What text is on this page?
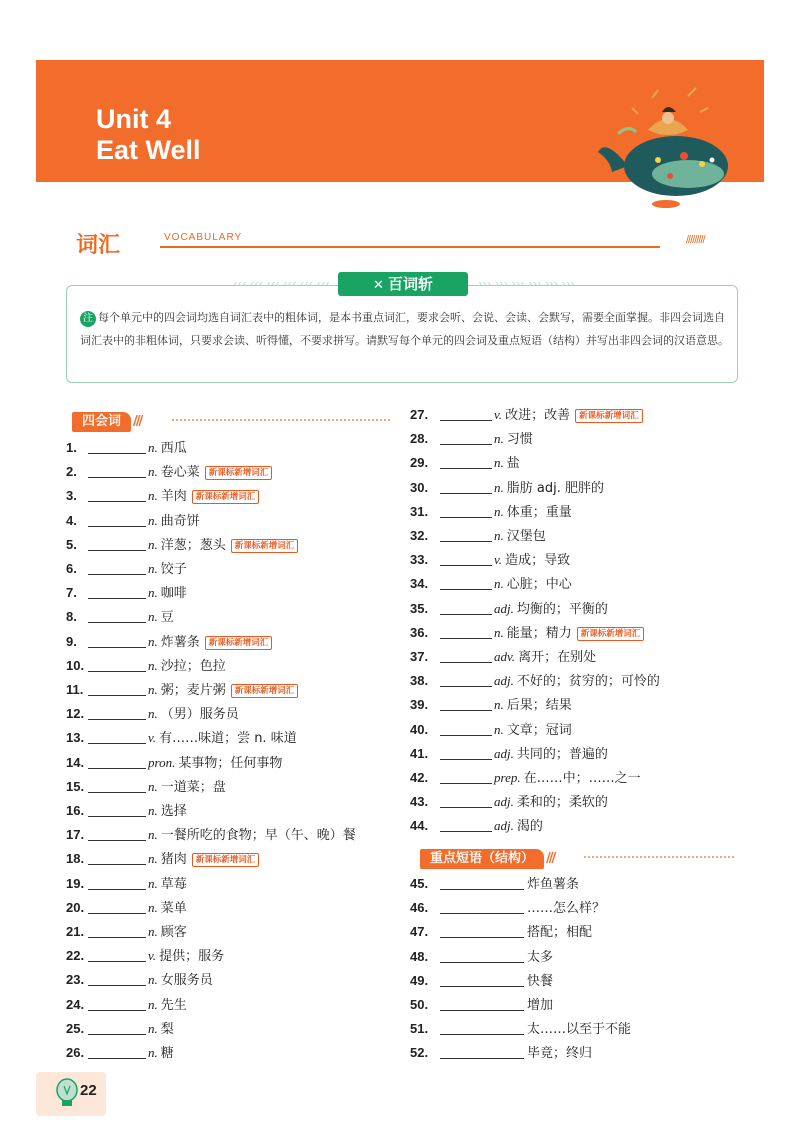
Unit 4
Eat Well
词汇	VOCABULARY	/////////
‹‹‹ ‹‹‹ ‹‹‹ ‹‹‹ ‹‹‹ ‹‹‹	››› ››› ››› ››› ››› ›››
✕ 百词斩
注 每个单元中的四会词均选自词汇表中的粗体词，是本书重点词汇，要求会听、会说、会读、会默写，需要全面掌握。非四会词选自词汇表中的非粗体词，只要求会读、听得懂，不要求拼写。请默写每个单元的四会词及重点短语（结构）并写出非四会词的汉语意思。
四会词 ///
1.	n. 西瓜
2.	n. 卷心菜 新课标新增词汇
3.	n. 羊肉 新课标新增词汇
4.	n. 曲奇饼
5.	n. 洋葱；葱头 新课标新增词汇
6.	n. 饺子
7.	n. 咖啡
8.	n. 豆
9.	n. 炸薯条 新课标新增词汇
10.	n. 沙拉；色拉
11.	n. 粥；麦片粥 新课标新增词汇
12.	n. （男）服务员
13.	v. 有……味道；尝 n. 味道
14.	pron. 某事物；任何事物
15.	n. 一道菜；盘
16.	n. 选择
17.	n. 一餐所吃的食物；早（午、晚）餐
18.	n. 猪肉 新课标新增词汇
19.	n. 草莓
20.	n. 菜单
21.	n. 顾客
22.	v. 提供；服务
23.	n. 女服务员
24.	n. 先生
25.	n. 梨
26.	n. 糖
27.	v. 改进；改善 新课标新增词汇
28.	n. 习惯
29.	n. 盐
30.	n. 脂肪 adj. 肥胖的
31.	n. 体重；重量
32.	n. 汉堡包
33.	v. 造成；导致
34.	n. 心脏；中心
35.	adj. 均衡的；平衡的
36.	n. 能量；精力 新课标新增词汇
37.	adv. 离开；在别处
38.	adj. 不好的；贫穷的；可怜的
39.	n. 后果；结果
40.	n. 文章；冠词
41.	adj. 共同的；普遍的
42.	prep. 在……中；……之一
43.	adj. 柔和的；柔软的
44.	adj. 渴的
重点短语（结构） ///
45.	炸鱼薯条
46.	……怎么样？
47.	搭配；相配
48.	太多
49.	快餐
50.	增加
51.	太……以至于不能
52.	毕竟；终归
22
